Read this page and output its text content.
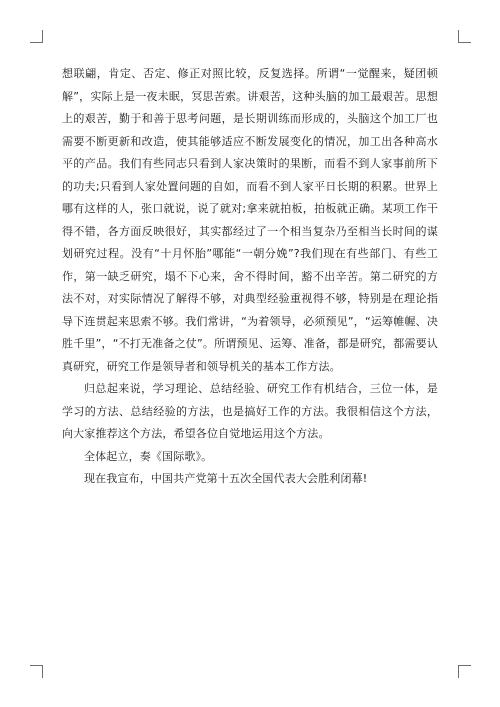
想联翩，肯定、否定、修正对照比较，反复选择。所谓“一觉醒来，疑团顿解”，实际上是一夜未眠，冥思苦索。讲艰苦，这种头脑的加工最艰苦。思想上的艰苦，勤于和善于思考问题，是长期训练而形成的，头脑这个加工厂也需要不断更新和改造，使其能够适应不断发展变化的情况，加工出各种高水平的产品。我们有些同志只看到人家决策时的果断，而看不到人家事前所下的功夫;只看到人家处置问题的自如，而看不到人家平日长期的积累。世界上哪有这样的人，张口就说，说了就对;拿来就拍板，拍板就正确。某项工作干得不错，各方面反映很好，其实都经过了一个相当复杂乃至相当长时间的谋划研究过程。没有“十月怀胎”哪能“一朝分娩”?我们现在有些部门、有些工作，第一缺乏研究，塌不下心来，舍不得时间，豁不出辛苦。第二研究的方法不对，对实际情况了解得不够，对典型经验重视得不够，特别是在理论指导下连贯起来思索不够。我们常讲，“为着领导，必须预见”，“运筹帷幄、决胜千里”，“不打无准备之仗”。所谓预见、运筹、准备，都是研究，都需要认真研究，研究工作是领导者和领导机关的基本工作方法。

归总起来说，学习理论、总结经验、研究工作有机结合，三位一体，是学习的方法、总结经验的方法，也是搞好工作的方法。我很相信这个方法，向大家推荐这个方法，希望各位自觉地运用这个方法。

全体起立，奏《国际歌》。

现在我宣布，中国共产党第十五次全国代表大会胜利闭幕!
